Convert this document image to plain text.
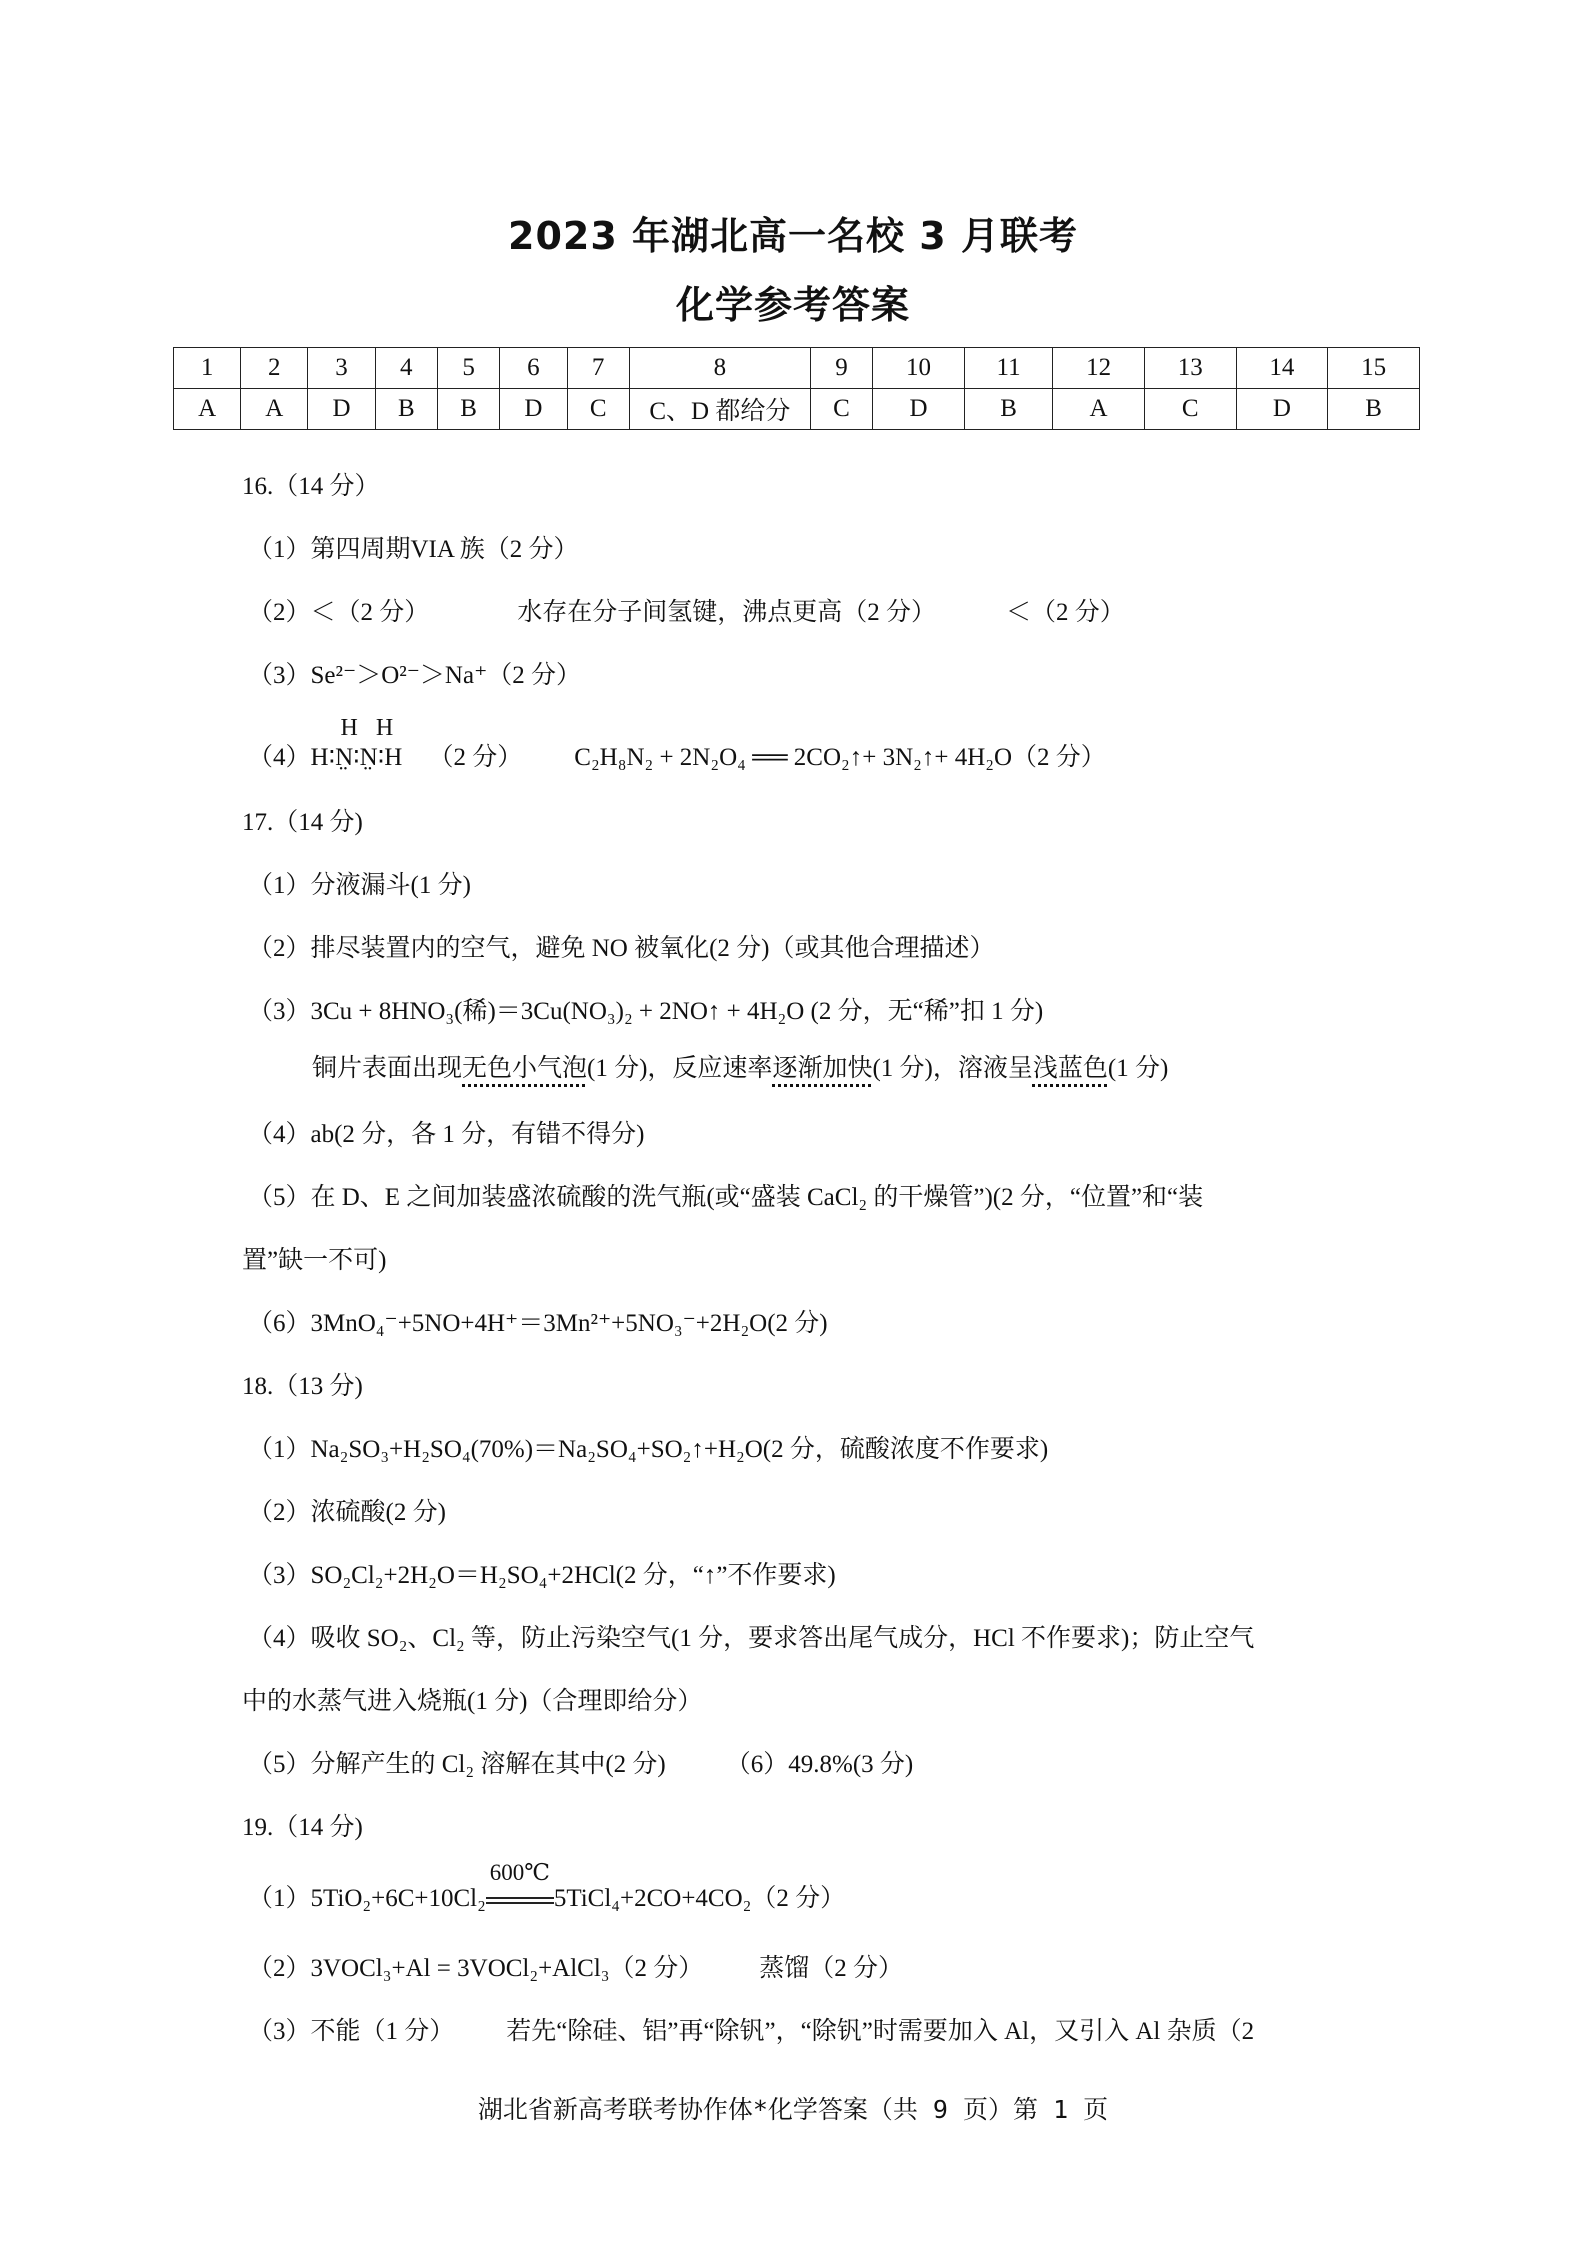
2023 年湖北高一名校 3 月联考
化学参考答案
1	2	3	4	5	6	7	8	9	10	11	12	13	14	15
A	A	D	B	B	D	C	C、D 都给分	C	D	B	A	C	D	B
16.（14 分）
（1）第四周期VIA 族（2 分）
（2）＜（2 分）	水存在分子间氢键，沸点更高（2 分）	＜（2 分）
（3）Se²⁻＞O²⁻＞Na⁺（2 分）
（4）
H H
H∶N̤∶N̤∶H （2 分） C₂H₈N₂ + 2N₂O₄ ══ 2CO₂↑+ 3N₂↑+ 4H₂O（2 分）
17.（14 分)
（1）分液漏斗(1 分)
（2）排尽装置内的空气，避免 NO 被氧化(2 分)（或其他合理描述）
（3）3Cu + 8HNO₃(稀)＝3Cu(NO₃)₂ + 2NO↑ + 4H₂O (2 分，无“稀”扣 1 分)
铜片表面出现无色小气泡(1 分)，反应速率逐渐加快(1 分)，溶液呈浅蓝色(1 分)
（4）ab(2 分，各 1 分，有错不得分)
（5）在 D、E 之间加装盛浓硫酸的洗气瓶(或“盛装 CaCl₂ 的干燥管”)(2 分，“位置”和“装
置”缺一不可)
（6）3MnO₄⁻+5NO+4H⁺＝3Mn²⁺+5NO₃⁻+2H₂O(2 分)
18.（13 分)
（1）Na₂SO₃+H₂SO₄(70%)＝Na₂SO₄+SO₂↑+H₂O(2 分，硫酸浓度不作要求)
（2）浓硫酸(2 分)
（3）SO₂Cl₂+2H₂O＝H₂SO₄+2HCl(2 分，“↑”不作要求)
（4）吸收 SO₂、Cl₂ 等，防止污染空气(1 分，要求答出尾气成分，HCl 不作要求)；防止空气
中的水蒸气进入烧瓶(1 分)（合理即给分）
（5）分解产生的 Cl₂ 溶解在其中(2 分) （6）49.8%(3 分)
19.（14 分)
（1）5TiO₂+6C+10Cl₂
600℃
5TiCl₄+2CO+4CO₂（2 分）
（2）3VOCl₃+Al = 3VOCl₂+AlCl₃（2 分） 蒸馏（2 分）
（3）不能（1 分） 若先“除硅、铝”再“除钒”，“除钒”时需要加入 Al，又引入 Al 杂质（2
湖北省新高考联考协作体*化学答案（共 9 页）第 1 页
